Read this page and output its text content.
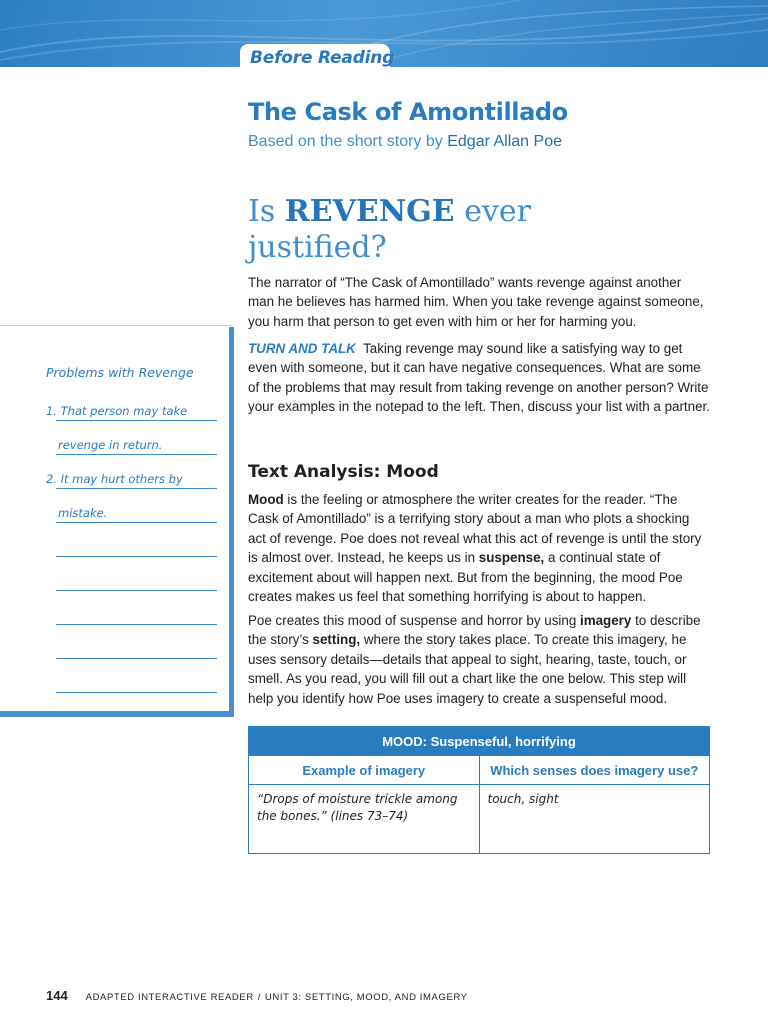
Before Reading
The Cask of Amontillado
Based on the short story by Edgar Allan Poe
Is REVENGE ever justified?

The narrator of “The Cask of Amontillado” wants revenge against another man he believes has harmed him. When you take revenge against someone, you harm that person to get even with him or her for harming you.

TURN AND TALK Taking revenge may sound like a satisfying way to get even with someone, but it can have negative consequences. What are some of the problems that may result from taking revenge on another person? Write your examples in the notepad to the left. Then, discuss your list with a partner.

Problems with Revenge
1. That person may take
revenge in return.
2. It may hurt others by
mistake.
Text Analysis: Mood

Mood is the feeling or atmosphere the writer creates for the reader. “The Cask of Amontillado” is a terrifying story about a man who plots a shocking act of revenge. Poe does not reveal what this act of revenge is until the story is almost over. Instead, he keeps us in suspense, a continual state of excitement about will happen next. But from the beginning, the mood Poe creates makes us feel that something horrifying is about to happen.

Poe creates this mood of suspense and horror by using imagery to describe the story’s setting, where the story takes place. To create this imagery, he uses sensory details—details that appeal to sight, hearing, taste, touch, or smell. As you read, you will fill out a chart like the one below. This step will help you identify how Poe uses imagery to create a suspenseful mood.

MOOD: Suspenseful, horrifying	
Example of imagery	Which senses does imagery use?
“Drops of moisture trickle among the bones.” (lines 73–74)	touch, sight
144 ADAPTED INTERACTIVE READER / UNIT 3: SETTING, MOOD, AND IMAGERY
